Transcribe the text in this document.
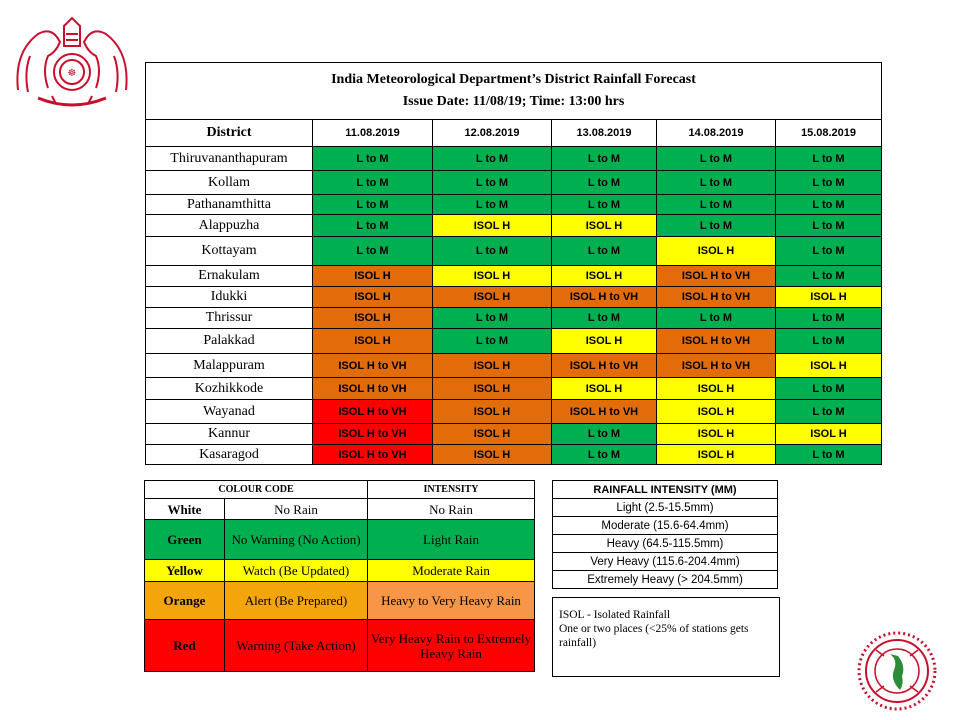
☸	India Meteorological Department’s District Rainfall Forecast
Issue Date: 11/08/19; Time: 13:00 hrs					

District	11.08.2019	12.08.2019	13.08.2019	14.08.2019	15.08.2019
Thiruvananthapuram	L to M	L to M	L to M	L to M	L to M
Kollam	L to M	L to M	L to M	L to M	L to M
Pathanamthitta	L to M	L to M	L to M	L to M	L to M
Alappuzha	L to M	ISOL H	ISOL H	L to M	L to M
Kottayam	L to M	L to M	L to M	ISOL H	L to M
Ernakulam	ISOL H	ISOL H	ISOL H	ISOL H to VH	L to M
Idukki	ISOL H	ISOL H	ISOL H to VH	ISOL H to VH	ISOL H
Thrissur	ISOL H	L to M	L to M	L to M	L to M
Palakkad	ISOL H	L to M	ISOL H	ISOL H to VH	L to M
Malappuram	ISOL H to VH	ISOL H	ISOL H to VH	ISOL H to VH	ISOL H
Kozhikkode	ISOL H to VH	ISOL H	ISOL H	ISOL H	L to M
Wayanad	ISOL H to VH	ISOL H	ISOL H to VH	ISOL H	L to M
Kannur	ISOL H to VH	ISOL H	L to M	ISOL H	ISOL H
Kasaragod	ISOL H to VH	ISOL H	L to M	ISOL H	L to M
COLOUR CODE		INTENSITY
White	No Rain	No Rain
Green	No Warning (No Action)	Light Rain
Yellow	Watch (Be Updated)	Moderate Rain
Orange	Alert (Be Prepared)	Heavy to Very Heavy Rain
Red	Warning (Take Action)	Very Heavy Rain to Extremely Heavy Rain
RAINFALL INTENSITY (MM)
Light (2.5-15.5mm)
Moderate (15.6-64.4mm)
Heavy (64.5-115.5mm)
Very Heavy (115.6-204.4mm)
Extremely Heavy (> 204.5mm)
ISOL - Isolated Rainfall
One or two places (<25% of stations gets rainfall)
